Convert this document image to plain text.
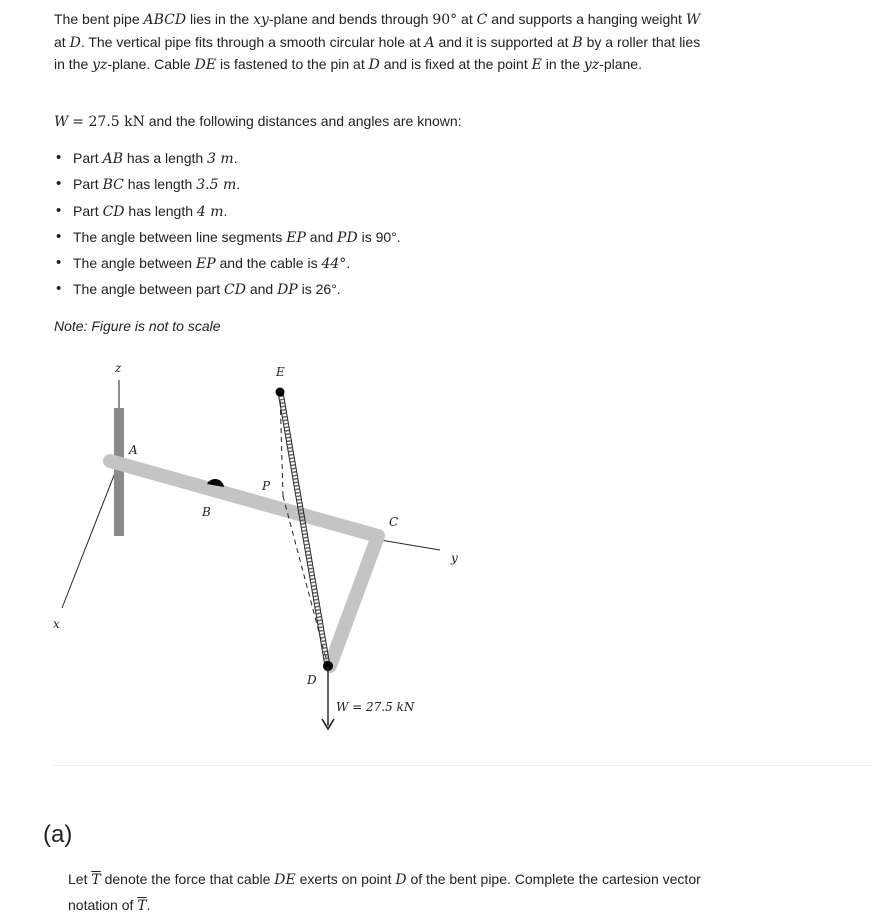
The bent pipe ABCD lies in the xy-plane and bends through 90° at C and supports a hanging weight W at D. The vertical pipe fits through a smooth circular hole at A and it is supported at B by a roller that lies in the yz-plane. Cable DE is fastened to the pin at D and is fixed at the point E in the yz-plane.

W = 27.5 kN and the following distances and angles are known:

• Part AB has a length 3 m.
• Part BC has length 3.5 m.
• Part CD has length 4 m.
• The angle between line segments EP and PD is 90°.
• The angle between EP and the cable is 44°.
• The angle between part CD and DP is 26°.

Note: Figure is not to scale

z
x
y
A
B
C
D
E
P
W = 27.5 kN

(a)

Let $\overline{T}$ denote the force that cable DE exerts on point D of the bent pipe. Complete the cartesion vector notation of $\overline{T}$.
